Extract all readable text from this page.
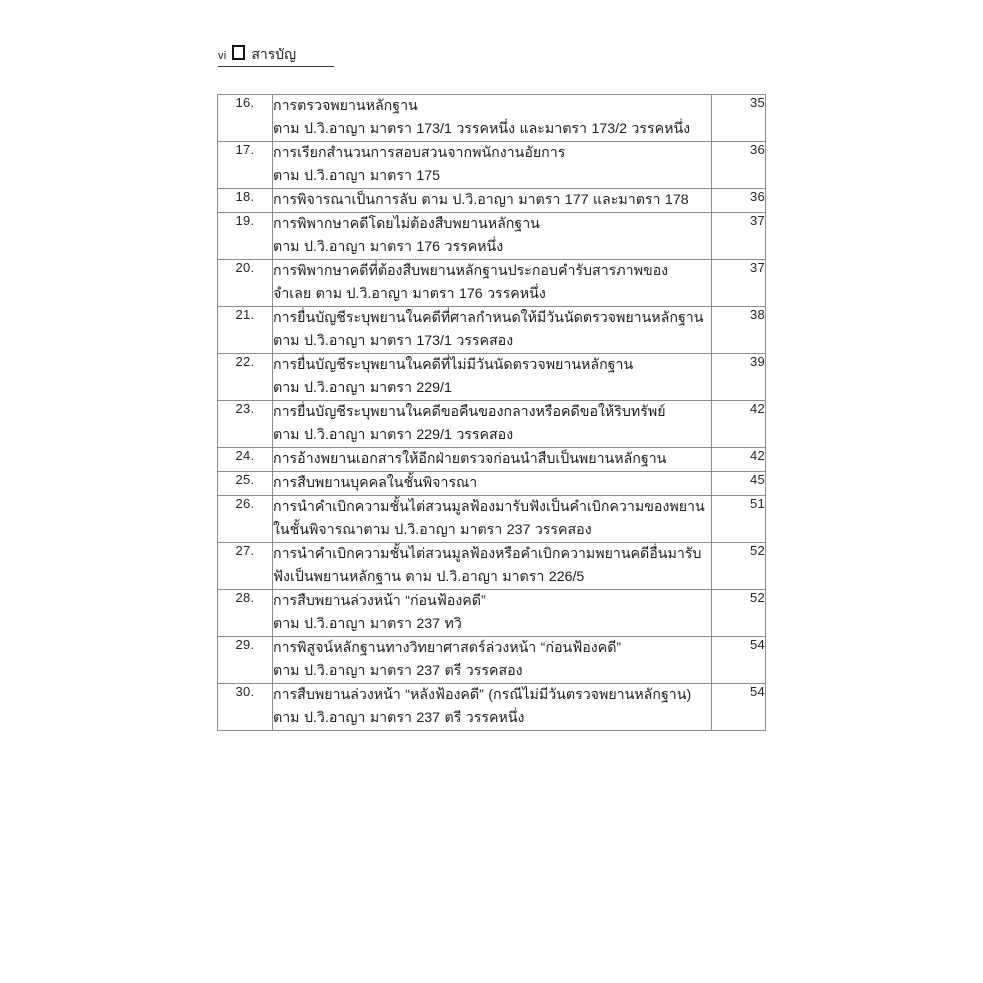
vi สารบัญ
16.	การตรวจพยานหลักฐาน
ตาม ป.วิ.อาญา มาตรา 173/1 วรรคหนึ่ง และมาตรา 173/2 วรรคหนึ่ง	35
17.	การเรียกสำนวนการสอบสวนจากพนักงานอัยการ
ตาม ป.วิ.อาญา มาตรา 175	36
18.	การพิจารณาเป็นการลับ ตาม ป.วิ.อาญา มาตรา 177 และมาตรา 178	36
19.	การพิพากษาคดีโดยไม่ต้องสืบพยานหลักฐาน
ตาม ป.วิ.อาญา มาตรา 176 วรรคหนึ่ง	37
20.	การพิพากษาคดีที่ต้องสืบพยานหลักฐานประกอบคำรับสารภาพของ
จำเลย ตาม ป.วิ.อาญา มาตรา 176 วรรคหนึ่ง	37
21.	การยื่นบัญชีระบุพยานในคดีที่ศาลกำหนดให้มีวันนัดตรวจพยานหลักฐาน
ตาม ป.วิ.อาญา มาตรา 173/1 วรรคสอง	38
22.	การยื่นบัญชีระบุพยานในคดีที่ไม่มีวันนัดตรวจพยานหลักฐาน
ตาม ป.วิ.อาญา มาตรา 229/1	39
23.	การยื่นบัญชีระบุพยานในคดีขอคืนของกลางหรือคดีขอให้ริบทรัพย์
ตาม ป.วิ.อาญา มาตรา 229/1 วรรคสอง	42
24.	การอ้างพยานเอกสารให้อีกฝ่ายตรวจก่อนนำสืบเป็นพยานหลักฐาน	42
25.	การสืบพยานบุคคลในชั้นพิจารณา	45
26.	การนำคำเบิกความชั้นไต่สวนมูลฟ้องมารับฟังเป็นคำเบิกความของพยาน
ในชั้นพิจารณาตาม ป.วิ.อาญา มาตรา 237 วรรคสอง	51
27.	การนำคำเบิกความชั้นไต่สวนมูลฟ้องหรือคำเบิกความพยานคดีอื่นมารับ
ฟังเป็นพยานหลักฐาน ตาม ป.วิ.อาญา มาตรา 226/5	52
28.	การสืบพยานล่วงหน้า “ก่อนฟ้องคดี”
ตาม ป.วิ.อาญา มาตรา 237 ทวิ	52
29.	การพิสูจน์หลักฐานทางวิทยาศาสตร์ล่วงหน้า “ก่อนฟ้องคดี”
ตาม ป.วิ.อาญา มาตรา 237 ตรี วรรคสอง	54
30.	การสืบพยานล่วงหน้า “หลังฟ้องคดี” (กรณีไม่มีวันตรวจพยานหลักฐาน)
ตาม ป.วิ.อาญา มาตรา 237 ตรี วรรคหนึ่ง	54
